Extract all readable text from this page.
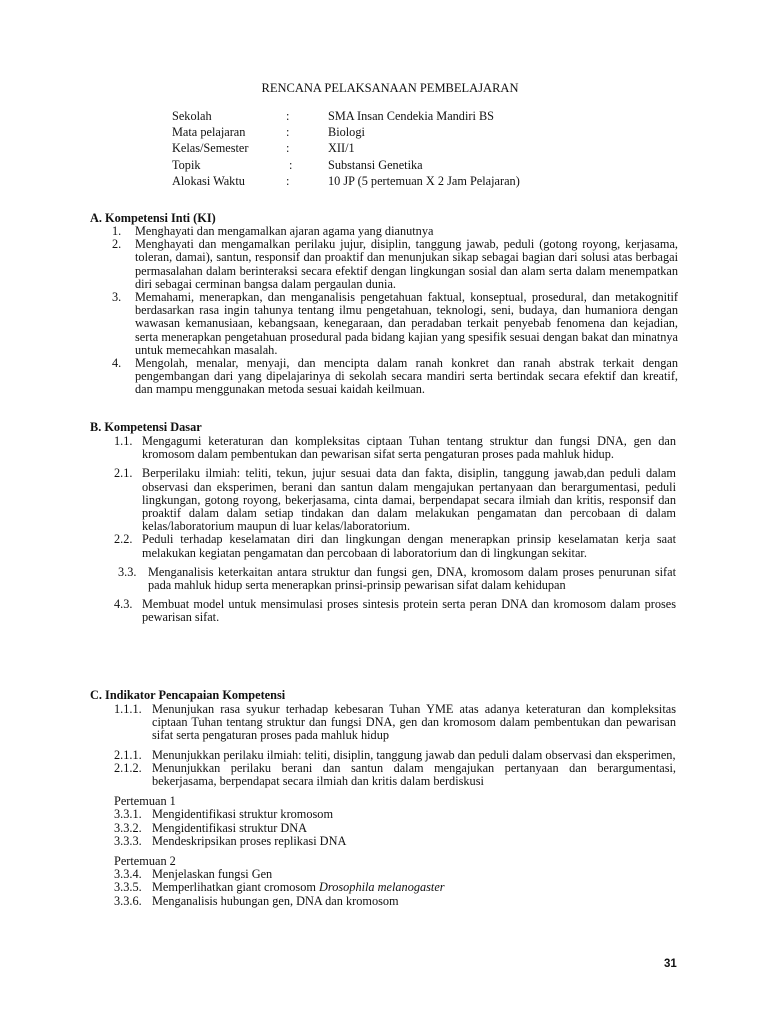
RENCANA PELAKSANAAN PEMBELAJARAN
Sekolah	:	SMA Insan Cendekia Mandiri BS
Mata pelajaran	:	Biologi
Kelas/Semester	:	XII/1
Topik	:	Substansi Genetika
Alokasi Waktu	:	10 JP (5 pertemuan X 2 Jam Pelajaran)
A. Kompetensi Inti (KI)
1. Menghayati dan mengamalkan ajaran agama yang dianutnya
2. Menghayati dan mengamalkan perilaku jujur, disiplin, tanggung jawab, peduli (gotong royong, kerjasama, toleran, damai), santun, responsif dan proaktif dan menunjukan sikap sebagai bagian dari solusi atas berbagai permasalahan dalam berinteraksi secara efektif dengan lingkungan sosial dan alam serta dalam menempatkan diri sebagai cerminan bangsa dalam pergaulan dunia.
3. Memahami, menerapkan, dan menganalisis pengetahuan faktual, konseptual, prosedural, dan metakognitif berdasarkan rasa ingin tahunya tentang ilmu pengetahuan, teknologi, seni, budaya, dan humaniora dengan wawasan kemanusiaan, kebangsaan, kenegaraan, dan peradaban terkait penyebab fenomena dan kejadian, serta menerapkan pengetahuan prosedural pada bidang kajian yang spesifik sesuai dengan bakat dan minatnya untuk memecahkan masalah.
4. Mengolah, menalar, menyaji, dan mencipta dalam ranah konkret dan ranah abstrak terkait dengan pengembangan dari yang dipelajarinya di sekolah secara mandiri serta bertindak secara efektif dan kreatif, dan mampu menggunakan metoda sesuai kaidah keilmuan.
B. Kompetensi Dasar
1.1. Mengagumi keteraturan dan kompleksitas ciptaan Tuhan tentang struktur dan fungsi DNA, gen dan kromosom dalam pembentukan dan pewarisan sifat serta pengaturan proses pada mahluk hidup.
2.1. Berperilaku ilmiah: teliti, tekun, jujur sesuai data dan fakta, disiplin, tanggung jawab,dan peduli dalam observasi dan eksperimen, berani dan santun dalam mengajukan pertanyaan dan berargumentasi, peduli lingkungan, gotong royong, bekerjasama, cinta damai, berpendapat secara ilmiah dan kritis, responsif dan proaktif dalam dalam setiap tindakan dan dalam melakukan pengamatan dan percobaan di dalam kelas/laboratorium maupun di luar kelas/laboratorium.
2.2. Peduli terhadap keselamatan diri dan lingkungan dengan menerapkan prinsip keselamatan kerja saat melakukan kegiatan pengamatan dan percobaan di laboratorium dan di lingkungan sekitar.
3.3. Menganalisis keterkaitan antara struktur dan fungsi gen, DNA, kromosom dalam proses penurunan sifat pada mahluk hidup serta menerapkan prinsi-prinsip pewarisan sifat dalam kehidupan
4.3. Membuat model untuk mensimulasi proses sintesis protein serta peran DNA dan kromosom dalam proses pewarisan sifat.
C. Indikator Pencapaian Kompetensi
1.1.1. Menunjukan rasa syukur terhadap kebesaran Tuhan YME atas adanya keteraturan dan kompleksitas ciptaan Tuhan tentang struktur dan fungsi DNA, gen dan kromosom dalam pembentukan dan pewarisan sifat serta pengaturan proses pada mahluk hidup
2.1.1. Menunjukkan perilaku ilmiah: teliti, disiplin, tanggung jawab dan peduli dalam observasi dan eksperimen,
2.1.2. Menunjukkan perilaku berani dan santun dalam mengajukan pertanyaan dan berargumentasi, bekerjasama, berpendapat secara ilmiah dan kritis dalam berdiskusi
Pertemuan 1
3.3.1. Mengidentifikasi struktur kromosom
3.3.2. Mengidentifikasi struktur DNA
3.3.3. Mendeskripsikan proses replikasi DNA
Pertemuan 2
3.3.4. Menjelaskan fungsi Gen
3.3.5. Memperlihatkan giant cromosom Drosophila melanogaster
3.3.6. Menganalisis hubungan gen, DNA dan kromosom
31
